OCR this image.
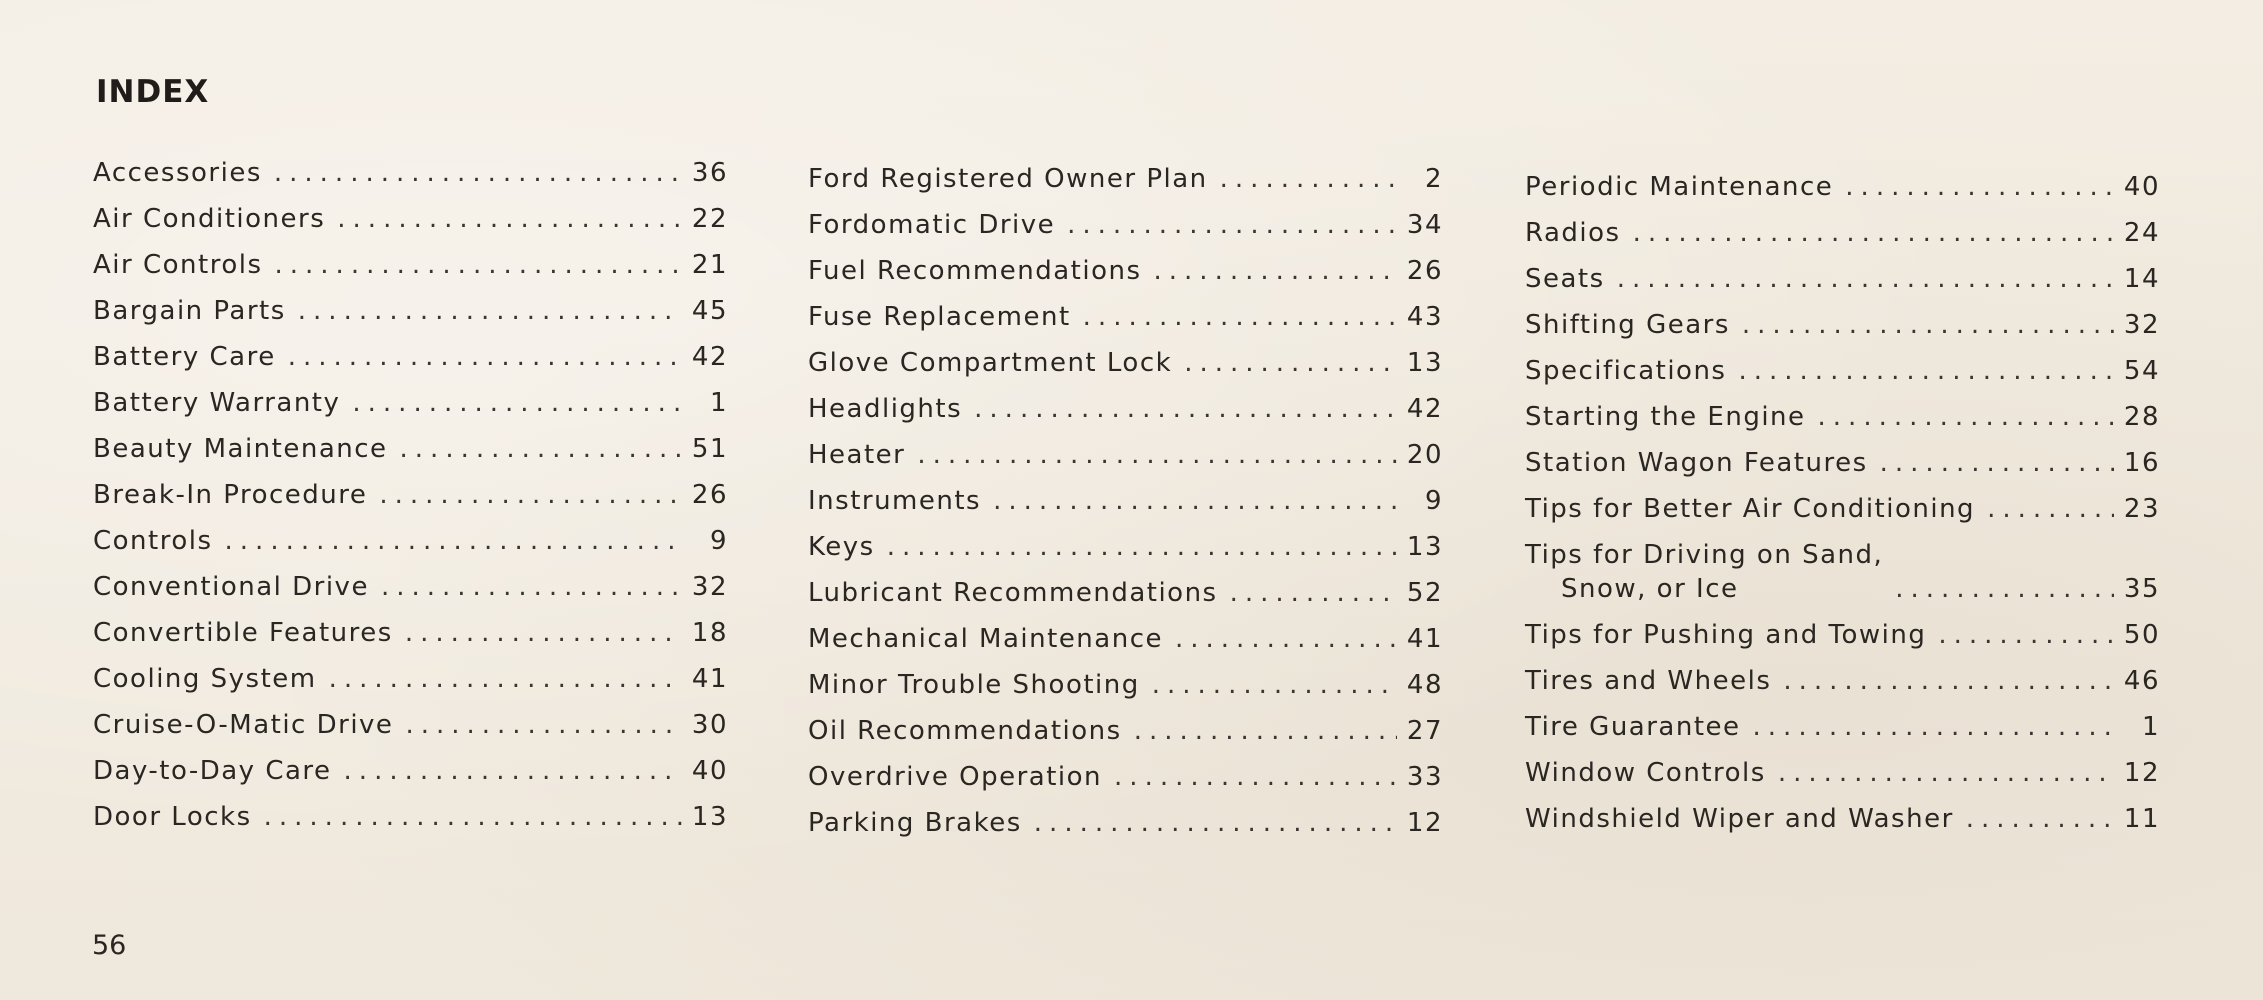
INDEX
Accessories .....	36
Air Conditioners .....	22
Air Controls .....	21
Bargain Parts .....	45
Battery Care .....	42
Battery Warranty .....	1
Beauty Maintenance .....	51
Break-In Procedure .....	26
Controls .....	9
Conventional Drive .....	32
Convertible Features .....	18
Cooling System .....	41
Cruise-O-Matic Drive .....	30
Day-to-Day Care .....	40
Door Locks .....	13
Ford Registered Owner Plan .....	2
Fordomatic Drive .....	34
Fuel Recommendations .....	26
Fuse Replacement .....	43
Glove Compartment Lock .....	13
Headlights .....	42
Heater .....	20
Instruments .....	9
Keys .....	13
Lubricant Recommendations .....	52
Mechanical Maintenance .....	41
Minor Trouble Shooting .....	48
Oil Recommendations .....	27
Overdrive Operation .....	33
Parking Brakes .....	12
Periodic Maintenance .....	40
Radios .....	24
Seats .....	14
Shifting Gears .....	32
Specifications .....	54
Starting the Engine .....	28
Station Wagon Features .....	16
Tips for Better Air Conditioning .....	23
Tips for Driving on Sand,
Snow, or Ice .....	35
Tips for Pushing and Towing .....	50
Tires and Wheels .....	46
Tire Guarantee .....	1
Window Controls .....	12
Windshield Wiper and Washer .....	11
56
